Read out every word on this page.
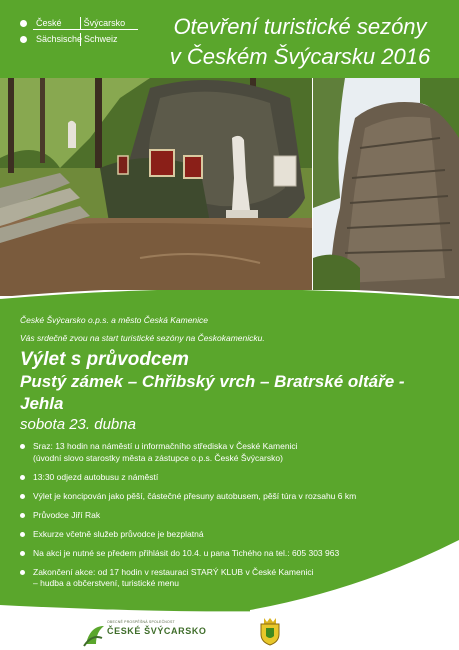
České	Švýcarsko
Sächsische Schweiz	Otevření turistické sezóny
v Českém Švýcarsku 2016
České Švýcarsko o.p.s. a město Česká Kamenice
Vás srdečně zvou na start turistické sezóny na Českokamenicku.
Výlet s průvodcem
Pustý zámek – Chřibský vrch – Bratrské oltáře - Jehla
sobota 23. dubna
Sraz: 13 hodin na náměstí u informačního střediska v České Kamenici
(úvodní slovo starostky města a zástupce o.p.s. České Švýcarsko)
13:30 odjezd autobusu z náměstí
Výlet je koncipován jako pěší, částečné přesuny autobusem, pěší túra v rozsahu 6 km
Průvodce Jiří Rak
Exkurze včetně služeb průvodce je bezplatná
Na akci je nutné se předem přihlásit do 10.4. u pana Tichého na tel.: 605 303 963
Zakončení akce: od 17 hodin v restauraci STARÝ KLUB v České Kamenici
– hudba a občerstvení, turistické menu
OBECNĚ PROSPĚŠNÁ SPOLEČNOST
ČESKÉ ŠVÝCARSKO
